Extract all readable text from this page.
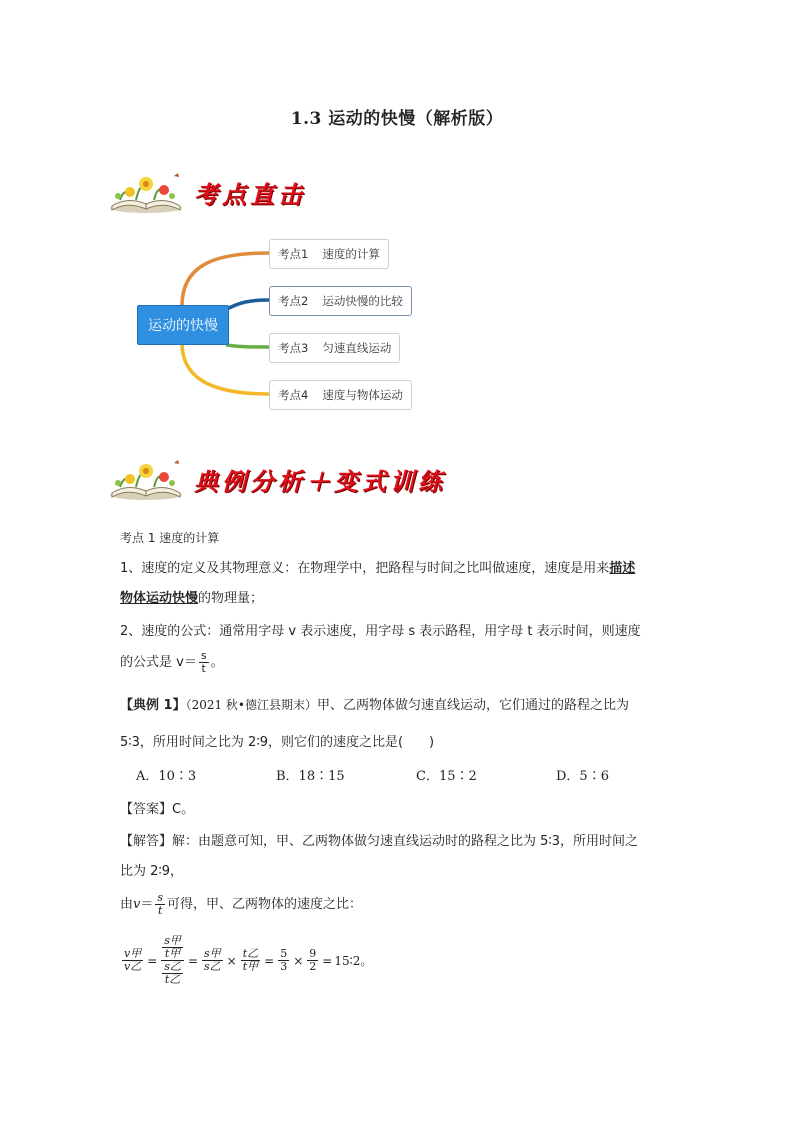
1.3 运动的快慢（解析版）
考点直击
运动的快慢
考点1 速度的计算
考点2 运动快慢的比较
考点3 匀速直线运动
考点4 速度与物体运动
典例分析＋变式训练
考点 1 速度的计算
1、速度的定义及其物理意义：在物理学中，把路程与时间之比叫做速度，速度是用来描述
物体运动快慢的物理量；
2、速度的公式：通常用字母 v 表示速度，用字母 s 表示路程，用字母 t 表示时间，则速度
的公式是 $v= \frac{s}{t}$ 。
【典例 1】（2021 秋•德江县期末）甲、乙两物体做匀速直线运动，它们通过的路程之比为
5∶3，所用时间之比为 2∶9，则它们的速度之比是(　　)
A．10∶3	B．18∶15	C．15∶2	D．5∶6
【答案】C。
【解答】解：由题意可知，甲、乙两物体做匀速直线运动时的路程之比为 5∶3，所用时间之
比为 2∶9，
由$v= \frac{s}{t}$ 可得，甲、乙两物体的速度之比：
$\frac{\text{v甲}}{\text{v乙}} = \frac{\frac{\text{s甲}}{\text{t甲}}}{\frac{\text{s乙}}{\text{t乙}}} = \frac{\text{s甲}}{\text{s乙}} \times \frac{\text{t乙}}{\text{t甲}} = \frac{5}{3} \times \frac{9}{2}$ = 15∶2。
